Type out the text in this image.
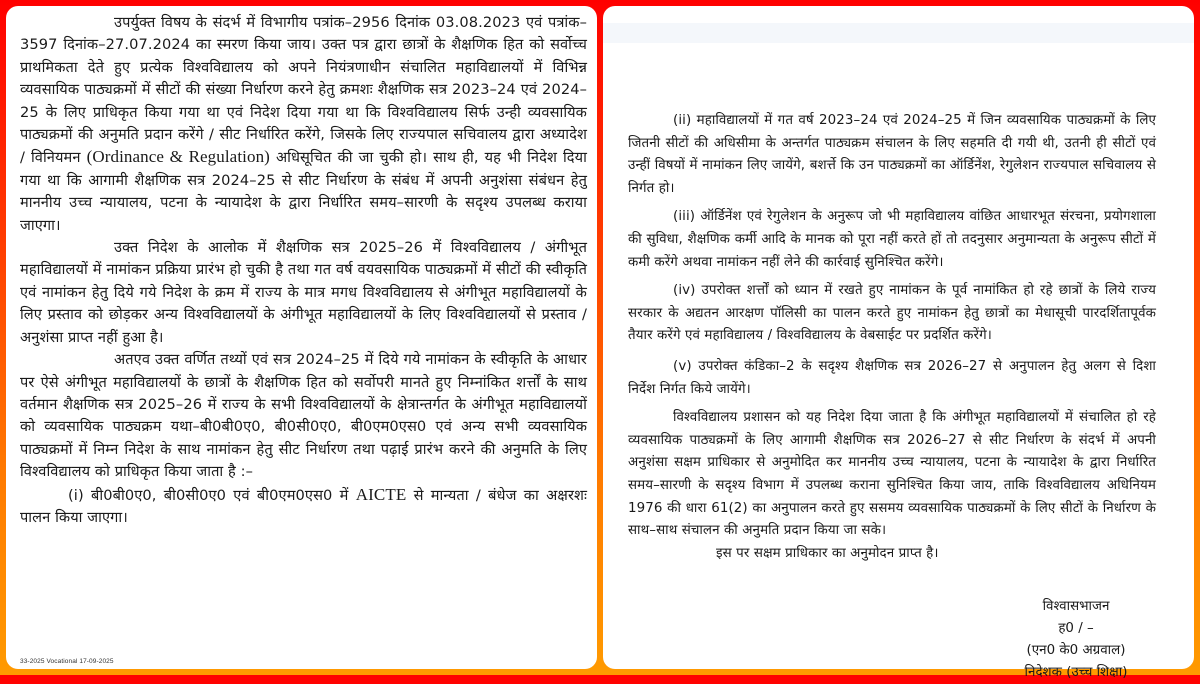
उपर्युक्त विषय के संदर्भ में विभागीय पत्रांक–2956 दिनांक 03.08.2023 एवं पत्रांक–3597 दिनांक–27.07.2024 का स्मरण किया जाय। उक्त पत्र द्वारा छात्रों के शैक्षणिक हित को सर्वोच्च प्राथमिकता देते हुए प्रत्येक विश्वविद्यालय को अपने नियंत्रणाधीन संचालित महाविद्यालयों में विभिन्न व्यवसायिक पाठ्यक्रमों में सीटों की संख्या निर्धारण करने हेतु क्रमशः शैक्षणिक सत्र 2023–24 एवं 2024–25 के लिए प्राधिकृत किया गया था एवं निदेश दिया गया था कि विश्वविद्यालय सिर्फ उन्ही व्यवसायिक पाठ्यक्रमों की अनुमति प्रदान करेंगे / सीट निर्धारित करेंगे, जिसके लिए राज्यपाल सचिवालय द्वारा अध्यादेश / विनियमन (Ordinance & Regulation) अधिसूचित की जा चुकी हो। साथ ही, यह भी निदेश दिया गया था कि आगामी शैक्षणिक सत्र 2024–25 से सीट निर्धारण के संबंध में अपनी अनुशंसा संबंधन हेतु माननीय उच्च न्यायालय, पटना के न्यायादेश के द्वारा निर्धारित समय–सारणी के सदृश्य उपलब्ध कराया जाएगा।

उक्त निदेश के आलोक में शैक्षणिक सत्र 2025–26 में विश्वविद्यालय / अंगीभूत महाविद्यालयों में नामांकन प्रक्रिया प्रारंभ हो चुकी है तथा गत वर्ष वयवसायिक पाठ्यक्रमों में सीटों की स्वीकृति एवं नामांकन हेतु दिये गये निदेश के क्रम में राज्य के मात्र मगध विश्वविद्यालय से अंगीभूत महाविद्यालयों के लिए प्रस्ताव को छोड़कर अन्य विश्वविद्यालयों के अंगीभूत महाविद्यालयों के लिए विश्वविद्यालयों से प्रस्ताव / अनुशंसा प्राप्त नहीं हुआ है।

अतएव उक्त वर्णित तथ्यों एवं सत्र 2024–25 में दिये गये नामांकन के स्वीकृति के आधार पर ऐसे अंगीभूत महाविद्यालयों के छात्रों के शैक्षणिक हित को सर्वोपरी मानते हुए निम्नांकित शर्त्तों के साथ वर्तमान शैक्षणिक सत्र 2025–26 में राज्य के सभी विश्वविद्यालयों के क्षेत्रान्तर्गत के अंगीभूत महाविद्यालयों को व्यवसायिक पाठ्यक्रम यथा–बी0बी0ए0, बी0सी0ए0, बी0एम0एस0 एवं अन्य सभी व्यवसायिक पाठ्यक्रमों में निम्न निदेश के साथ नामांकन हेतु सीट निर्धारण तथा पढ़ाई प्रारंभ करने की अनुमति के लिए विश्वविद्यालय को प्राधिकृत किया जाता है :–

(i) बी0बी0ए0, बी0सी0ए0 एवं बी0एम0एस0 में AICTE से मान्यता / बंधेज का अक्षरशः पालन किया जाएगा।

33-2025 Vocational 17-09-2025

(ii) महाविद्यालयों में गत वर्ष 2023–24 एवं 2024–25 में जिन व्यवसायिक पाठ्यक्रमों के लिए जितनी सीटों की अधिसीमा के अन्तर्गत पाठ्यक्रम संचालन के लिए सहमति दी गयी थी, उतनी ही सीटों एवं उन्हीं विषयों में नामांकन लिए जायेंगे, बशर्त्ते कि उन पाठ्यक्रमों का ऑर्डिनेंश, रेगुलेशन राज्यपाल सचिवालय से निर्गत हो।

(iii) ऑर्डिनेंश एवं रेगुलेशन के अनुरूप जो भी महाविद्यालय वांछित आधारभूत संरचना, प्रयोगशाला की सुविधा, शैक्षणिक कर्मी आदि के मानक को पूरा नहीं करते हों तो तदनुसार अनुमान्यता के अनुरूप सीटों में कमी करेंगे अथवा नामांकन नहीं लेने की कार्रवाई सुनिश्चित करेंगे।

(iv) उपरोक्त शर्त्तों को ध्यान में रखते हुए नामांकन के पूर्व नामांकित हो रहे छात्रों के लिये राज्य सरकार के अद्यतन आरक्षण पॉलिसी का पालन करते हुए नामांकन हेतु छात्रों का मेधासूची पारदर्शितापूर्वक तैयार करेंगे एवं महाविद्यालय / विश्वविद्यालय के वेबसाईट पर प्रदर्शित करेंगे।

(v) उपरोक्त कंडिका–2 के सदृश्य शैक्षणिक सत्र 2026–27 से अनुपालन हेतु अलग से दिशा निर्देश निर्गत किये जायेंगे।

विश्वविद्यालय प्रशासन को यह निदेश दिया जाता है कि अंगीभूत महाविद्यालयों में संचालित हो रहे व्यवसायिक पाठ्यक्रमों के लिए आगामी शैक्षणिक सत्र 2026–27 से सीट निर्धारण के संदर्भ में अपनी अनुशंसा सक्षम प्राधिकार से अनुमोदित कर माननीय उच्च न्यायालय, पटना के न्यायादेश के द्वारा निर्धारित समय–सारणी के सदृश्य विभाग में उपलब्ध कराना सुनिश्चित किया जाय, ताकि विश्वविद्यालय अधिनियम 1976 की धारा 61(2) का अनुपालन करते हुए ससमय व्यवसायिक पाठ्यक्रमों के लिए सीटों के निर्धारण के साथ–साथ संचालन की अनुमति प्रदान किया जा सके।

इस पर सक्षम प्राधिकार का अनुमोदन प्राप्त है।

विश्वासभाजन
ह0 / –
(एन0 के0 अग्रवाल)
निदेशक (उच्च शिक्षा)
